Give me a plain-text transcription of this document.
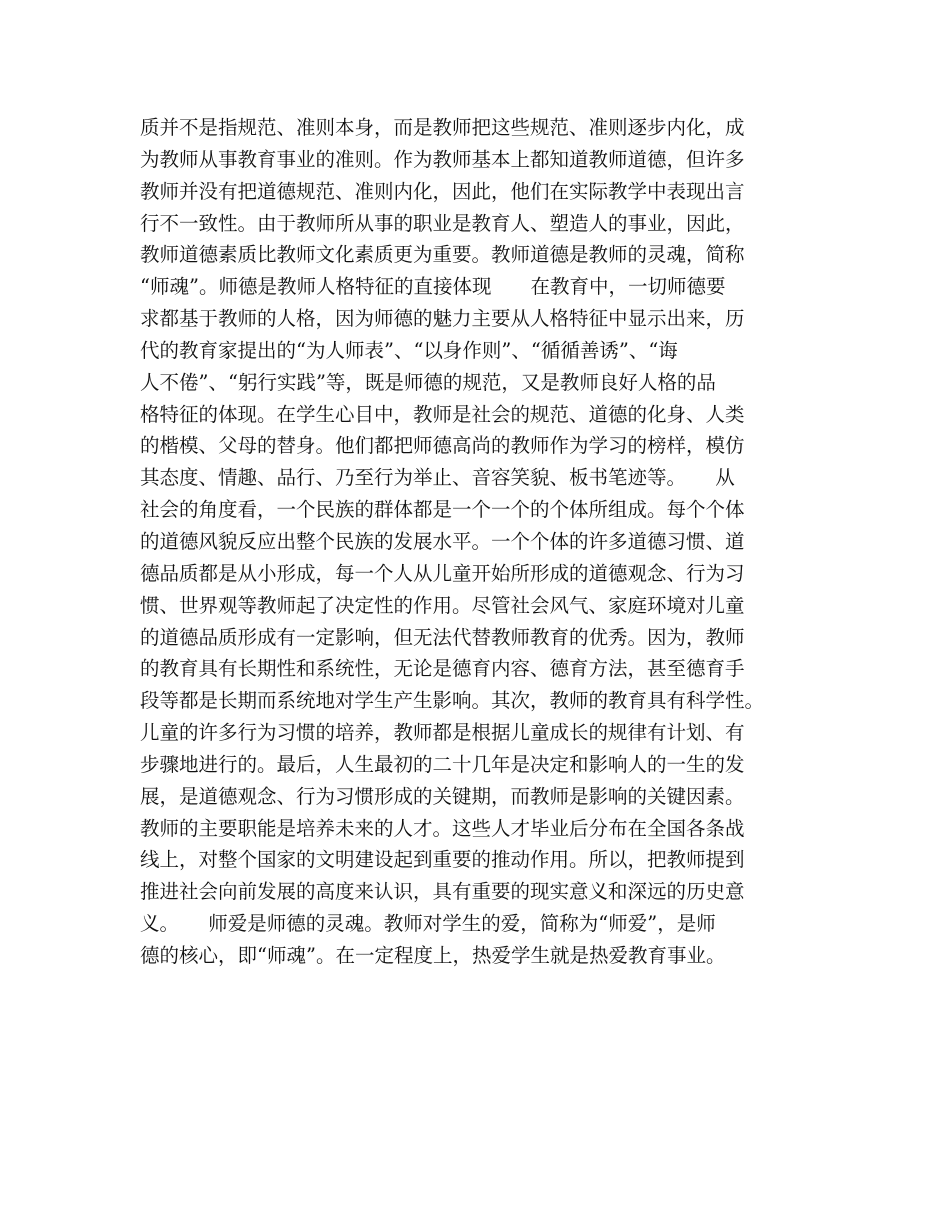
质并不是指规范、准则本身，而是教师把这些规范、准则逐步内化，成
为教师从事教育事业的准则。作为教师基本上都知道教师道德，但许多
教师并没有把道德规范、准则内化，因此，他们在实际教学中表现出言
行不一致性。由于教师所从事的职业是教育人、塑造人的事业，因此，
教师道德素质比教师文化素质更为重要。教师道德是教师的灵魂，简称
“师魂”。师德是教师人格特征的直接体现　　在教育中，一切师德要
求都基于教师的人格，因为师德的魅力主要从人格特征中显示出来，历
代的教育家提出的“为人师表”、“以身作则”、“循循善诱”、“诲
人不倦”、“躬行实践”等，既是师德的规范，又是教师良好人格的品
格特征的体现。在学生心目中，教师是社会的规范、道德的化身、人类
的楷模、父母的替身。他们都把师德高尚的教师作为学习的榜样，模仿
其态度、情趣、品行、乃至行为举止、音容笑貌、板书笔迹等。　　从
社会的角度看，一个民族的群体都是一个一个的个体所组成。每个个体
的道德风貌反应出整个民族的发展水平。一个个体的许多道德习惯、道
德品质都是从小形成，每一个人从儿童开始所形成的道德观念、行为习
惯、世界观等教师起了决定性的作用。尽管社会风气、家庭环境对儿童
的道德品质形成有一定影响，但无法代替教师教育的优秀。因为，教师
的教育具有长期性和系统性，无论是德育内容、德育方法，甚至德育手
段等都是长期而系统地对学生产生影响。其次，教师的教育具有科学性。
儿童的许多行为习惯的培养，教师都是根据儿童成长的规律有计划、有
步骤地进行的。最后，人生最初的二十几年是决定和影响人的一生的发
展，是道德观念、行为习惯形成的关键期，而教师是影响的关键因素。
教师的主要职能是培养未来的人才。这些人才毕业后分布在全国各条战
线上，对整个国家的文明建设起到重要的推动作用。所以，把教师提到
推进社会向前发展的高度来认识，具有重要的现实意义和深远的历史意
义。　　师爱是师德的灵魂。教师对学生的爱，简称为“师爱”，是师
德的核心，即“师魂”。在一定程度上，热爱学生就是热爱教育事业。
